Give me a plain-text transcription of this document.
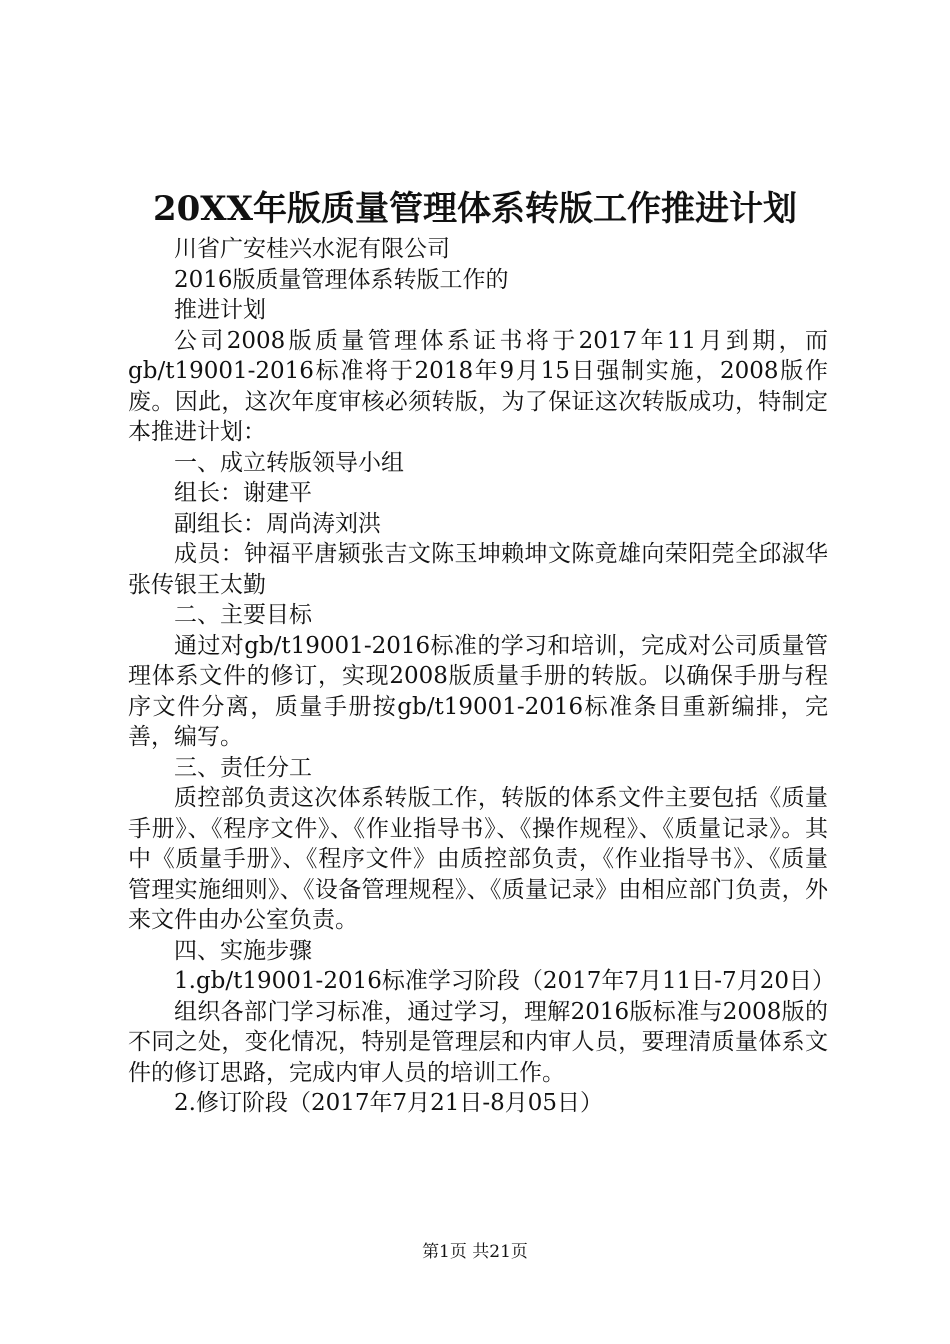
20XX年版质量管理体系转版工作推进计划

川省广安桂兴水泥有限公司

2016版质量管理体系转版工作的

推进计划

公司2008版质量管理体系证书将于2017年11月到期，而gb/t19001-2016标准将于2018年9月15日强制实施，2008版作废。因此，这次年度审核必须转版，为了保证这次转版成功，特制定本推进计划：

一、成立转版领导小组

组长：谢建平

副组长：周尚涛刘洪

成员：钟福平唐颍张吉文陈玉坤赖坤文陈竟雄向荣阳莞全邱淑华张传银王太勤

二、主要目标

通过对gb/t19001-2016标准的学习和培训，完成对公司质量管理体系文件的修订，实现2008版质量手册的转版。以确保手册与程序文件分离，质量手册按gb/t19001-2016标准条目重新编排，完善，编写。

三、责任分工

质控部负责这次体系转版工作，转版的体系文件主要包括《质量手册》、《程序文件》、《作业指导书》、《操作规程》、《质量记录》。其中《质量手册》、《程序文件》由质控部负责，《作业指导书》、《质量管理实施细则》、《设备管理规程》、《质量记录》由相应部门负责，外来文件由办公室负责。

四、实施步骤

1.gb/t19001-2016标准学习阶段（2017年7月11日-7月20日）

组织各部门学习标准，通过学习，理解2016版标准与2008版的不同之处，变化情况，特别是管理层和内审人员，要理清质量体系文件的修订思路，完成内审人员的培训工作。

2.修订阶段（2017年7月21日-8月05日）

第1页 共21页
